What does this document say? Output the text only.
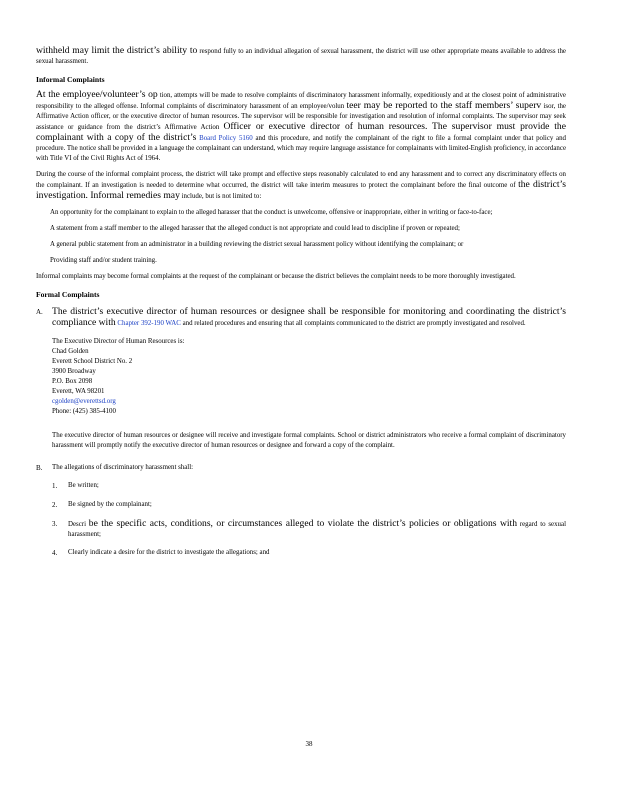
withheld may limit the district’s ability to respond fully to an individual allegation of sexual harassment, the district will use other appropriate means available to address the sexual harassment.

Informal Complaints

At the employee/volunteer’s op tion, attempts will be made to resolve complaints of discriminatory harassment informally, expeditiously and at the closest point of administrative responsibility to the alleged offense. Informal complaints of discriminatory harassment of an employee/volun teer may be reported to the staff members’ superv isor, the Affirmative Action officer, or the executive director of human resources. The supervisor will be responsible for investigation and resolution of informal complaints. The supervisor may seek assistance or guidance from the district’s Affirmative Action Officer or executive director of human resources. The supervisor must provide the complainant with a copy of the district’s Board Policy 5160 and this procedure, and notify the complainant of the right to file a formal complaint under that policy and procedure. The notice shall be provided in a language the complainant can understand, which may require language assistance for complainants with limited-English proficiency, in accordance with Title VI of the Civil Rights Act of 1964.

During the course of the informal complaint process, the district will take prompt and effective steps reasonably calculated to end any harassment and to correct any discriminatory effects on the complainant. If an investigation is needed to determine what occurred, the district will take interim measures to protect the complainant before the final outcome of the district’s investigation. Informal remedies may include, but is not limited to:

An opportunity for the complainant to explain to the alleged harasser that the conduct is unwelcome, offensive or inappropriate, either in writing or face-to-face;

A statement from a staff member to the alleged harasser that the alleged conduct is not appropriate and could lead to discipline if proven or repeated;

A general public statement from an administrator in a building reviewing the district sexual harassment policy without identifying the complainant; or

Providing staff and/or student training.

Informal complaints may become formal complaints at the request of the complainant or because the district believes the complaint needs to be more thoroughly investigated.

Formal Complaints

A. The district’s executive director of human resources or designee shall be responsible for monitoring and coordinating the district’s compliance with Chapter 392-190 WAC and related procedures and ensuring that all complaints communicated to the district are promptly investigated and resolved.

The Executive Director of Human Resources is:
Chad Golden
Everett School District No. 2
3900 Broadway
P.O. Box 2098
Everett, WA 98201
cgolden@everettsd.org
Phone: (425) 385-4100

The executive director of human resources or designee will receive and investigate formal complaints. School or district administrators who receive a formal complaint of discriminatory harassment will promptly notify the executive director of human resources or designee and forward a copy of the complaint.

B.	The allegations of discriminatory harassment shall:

1.	Be written;

2.	Be signed by the complainant;

3.	Descri be the specific acts, conditions, or circumstances alleged to violate the district’s policies or obligations with regard to sexual harassment;

4.	Clearly indicate a desire for the district to investigate the allegations; and

38
